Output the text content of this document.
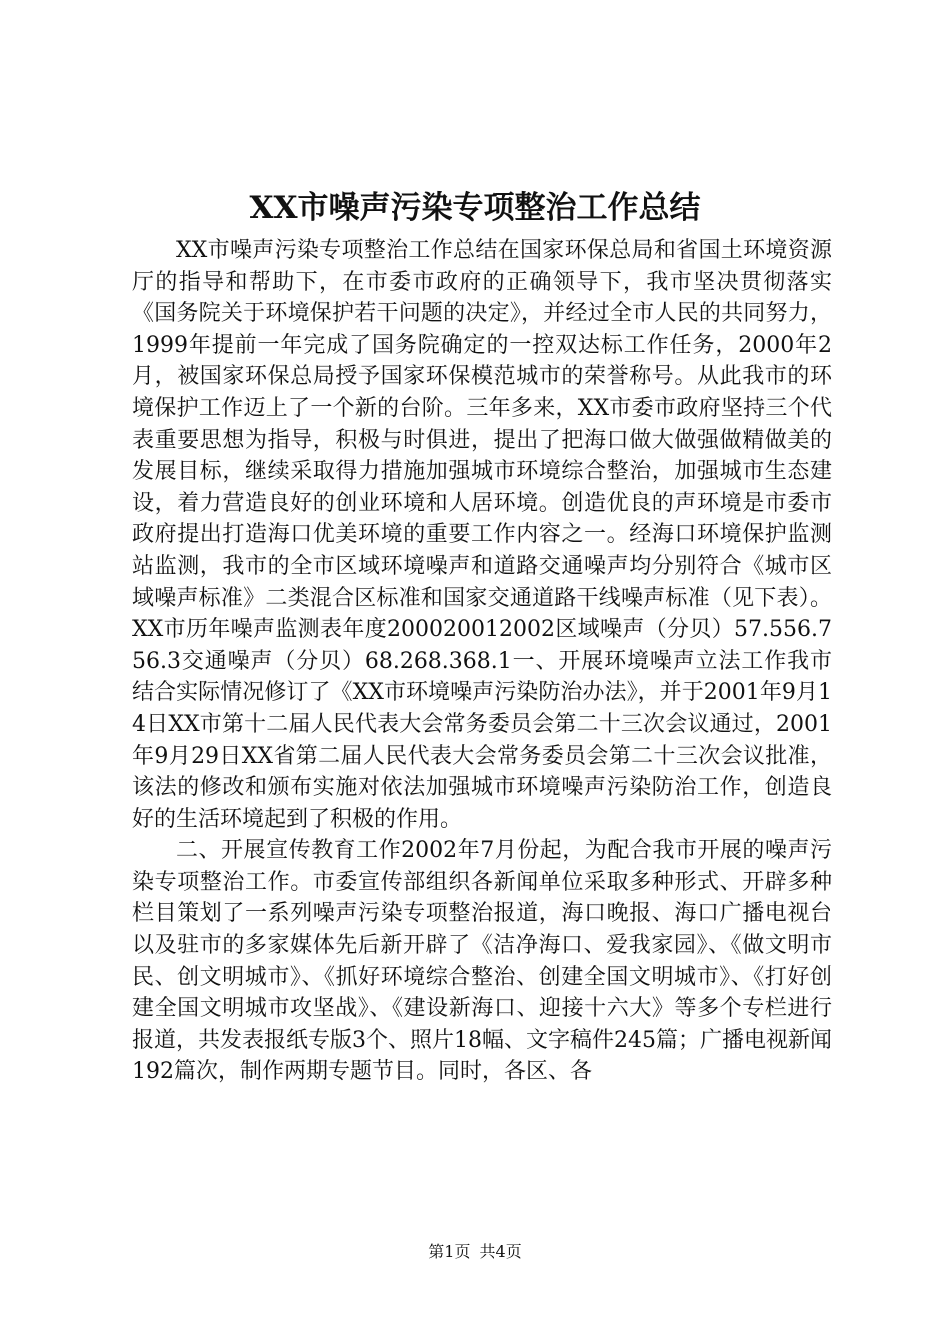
XX市噪声污染专项整治工作总结

XX市噪声污染专项整治工作总结在国家环保总局和省国土环境资源厅的指导和帮助下，在市委市政府的正确领导下，我市坚决贯彻落实《国务院关于环境保护若干问题的决定》，并经过全市人民的共同努力，1999年提前一年完成了国务院确定的一控双达标工作任务，2000年2月，被国家环保总局授予国家环保模范城市的荣誉称号。从此我市的环境保护工作迈上了一个新的台阶。三年多来，XX市委市政府坚持三个代表重要思想为指导，积极与时俱进，提出了把海口做大做强做精做美的发展目标，继续采取得力措施加强城市环境综合整治，加强城市生态建设，着力营造良好的创业环境和人居环境。创造优良的声环境是市委市政府提出打造海口优美环境的重要工作内容之一。经海口环境保护监测站监测，我市的全市区域环境噪声和道路交通噪声均分别符合《城市区域噪声标准》二类混合区标准和国家交通道路干线噪声标准（见下表）。XX市历年噪声监测表年度200020012002区域噪声（分贝）57.556.756.3交通噪声（分贝）68.268.368.1一、开展环境噪声立法工作我市结合实际情况修订了《XX市环境噪声污染防治办法》，并于2001年9月14日XX市第十二届人民代表大会常务委员会第二十三次会议通过，2001年9月29日XX省第二届人民代表大会常务委员会第二十三次会议批准，该法的修改和颁布实施对依法加强城市环境噪声污染防治工作，创造良好的生活环境起到了积极的作用。

二、开展宣传教育工作2002年7月份起，为配合我市开展的噪声污染专项整治工作。市委宣传部组织各新闻单位采取多种形式、开辟多种栏目策划了一系列噪声污染专项整治报道，海口晚报、海口广播电视台以及驻市的多家媒体先后新开辟了《洁净海口、爱我家园》、《做文明市民、创文明城市》、《抓好环境综合整治、创建全国文明城市》、《打好创建全国文明城市攻坚战》、《建设新海口、迎接十六大》等多个专栏进行报道，共发表报纸专版3个、照片18幅、文字稿件245篇；广播电视新闻192篇次，制作两期专题节目。同时，各区、各

第1页 共4页
